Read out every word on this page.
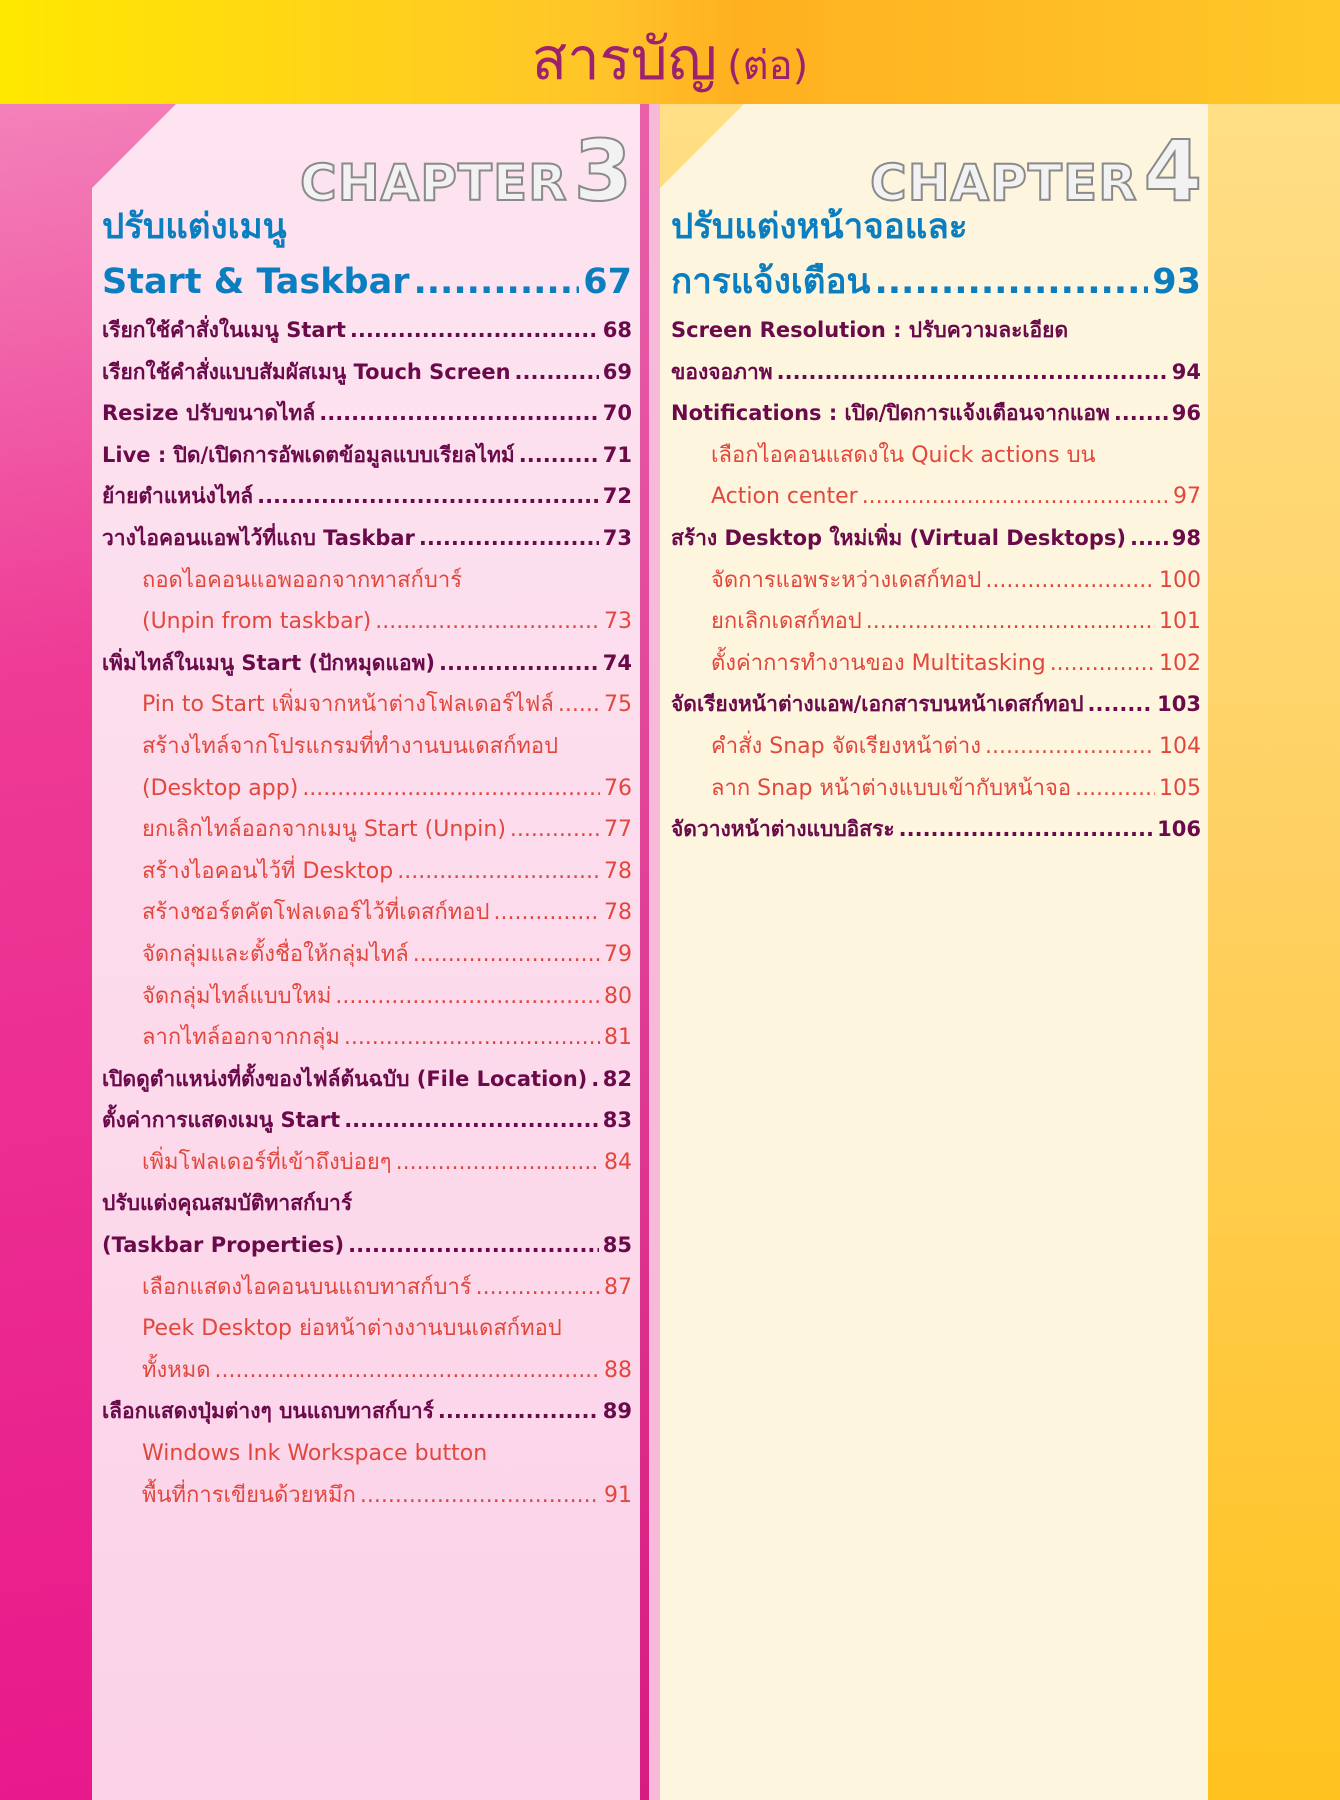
สารบัญ (ต่อ)
CHAPTER3	CHAPTER4
ปรับแต่งเมนู
Start & Taskbar .....	67
เรียกใช้คำสั่งในเมนู Start .....	68
เรียกใช้คำสั่งแบบสัมผัสเมนู Touch Screen .....	69
Resize ปรับขนาดไทล์ .....	70
Live : ปิด/เปิดการอัพเดตข้อมูลแบบเรียลไทม์ .....	71
ย้ายตำแหน่งไทล์ .....	72
วางไอคอนแอพไว้ที่แถบ Taskbar .....	73
ถอดไอคอนแอพออกจากทาสก์บาร์
(Unpin from taskbar) .....	73
เพิ่มไทล์ในเมนู Start (ปักหมุดแอพ) .....	74
Pin to Start เพิ่มจากหน้าต่างโฟลเดอร์ไฟล์ ..... 75
สร้างไทล์จากโปรแกรมที่ทำงานบนเดสก์ทอป
(Desktop app) .....	76
ยกเลิกไทล์ออกจากเมนู Start (Unpin) .....	77
สร้างไอคอนไว้ที่ Desktop .....	78
สร้างชอร์ตคัตโฟลเดอร์ไว้ที่เดสก์ทอป .....	78
จัดกลุ่มและตั้งชื่อให้กลุ่มไทล์ .....	79
จัดกลุ่มไทล์แบบใหม่ .....	80
ลากไทล์ออกจากกลุ่ม .....	81
เปิดดูตำแหน่งที่ตั้งของไฟล์ต้นฉบับ (File Location) ..... 82
ตั้งค่าการแสดงเมนู Start .....	83
เพิ่มโฟลเดอร์ที่เข้าถึงบ่อยๆ .....	84
ปรับแต่งคุณสมบัติทาสก์บาร์
(Taskbar Properties) .....	85
เลือกแสดงไอคอนบนแถบทาสก์บาร์ .....	87
Peek Desktop ย่อหน้าต่างงานบนเดสก์ทอป
ทั้งหมด .....	88
เลือกแสดงปุ่มต่างๆ บนแถบทาสก์บาร์ .....	89
Windows Ink Workspace button
พื้นที่การเขียนด้วยหมึก .....	91
ปรับแต่งหน้าจอและ
การแจ้งเตือน .....	93
Screen Resolution : ปรับความละเอียด
ของจอภาพ .....	94
Notifications : เปิด/ปิดการแจ้งเตือนจากแอพ .....	96
เลือกไอคอนแสดงใน Quick actions บน
Action center .....	97
สร้าง Desktop ใหม่เพิ่ม (Virtual Desktops) ..... 98
จัดการแอพระหว่างเดสก์ทอป .....	100
ยกเลิกเดสก์ทอป .....	101
ตั้งค่าการทำงานของ Multitasking .....	102
จัดเรียงหน้าต่างแอพ/เอกสารบนหน้าเดสก์ทอป .....	103
คำสั่ง Snap จัดเรียงหน้าต่าง .....	104
ลาก Snap หน้าต่างแบบเข้ากับหน้าจอ .....	105
จัดวางหน้าต่างแบบอิสระ .....	106
